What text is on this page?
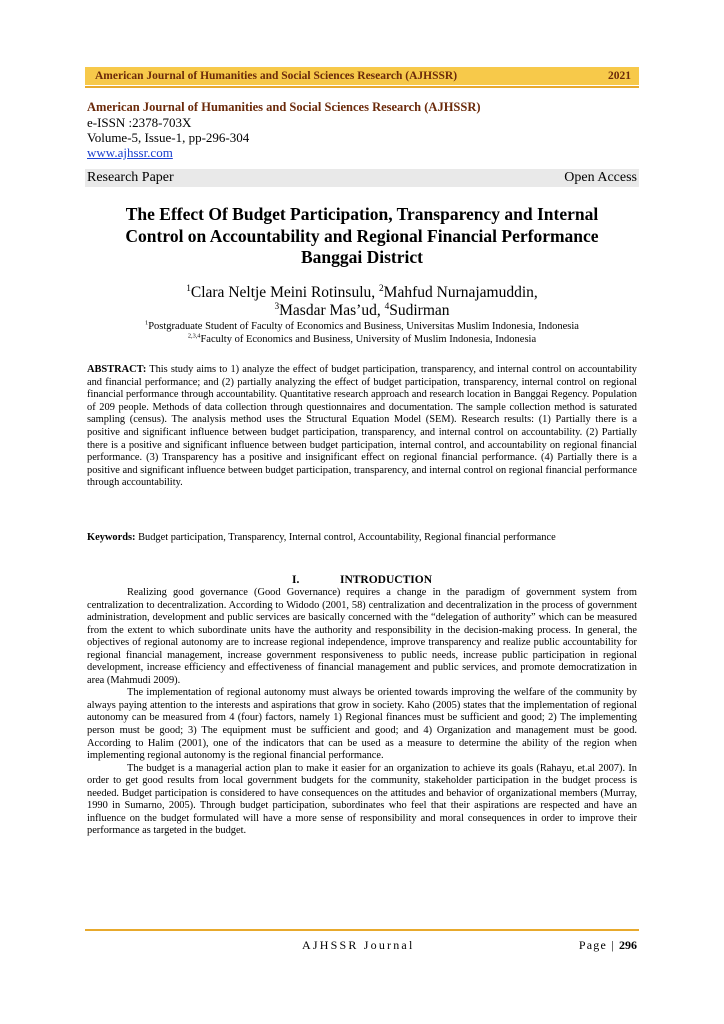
American Journal of Humanities and Social Sciences Research (AJHSSR)	2021
American Journal of Humanities and Social Sciences Research (AJHSSR)
e-ISSN :2378-703X
Volume-5, Issue-1, pp-296-304
www.ajhssr.com
Research Paper	Open Access
The Effect Of Budget Participation, Transparency and Internal
Control on Accountability and Regional Financial Performance
Banggai District
$^1$Clara Neltje Meini Rotinsulu, $^2$Mahfud Nurnajamuddin,
$^3$Masdar Mas’ud, $^4$Sudirman
$^1$Postgraduate Student of Faculty of Economics and Business, Universitas Muslim Indonesia, Indonesia
$^{2,3,4}$Faculty of Economics and Business, University of Muslim Indonesia, Indonesia
ABSTRACT: This study aims to 1) analyze the effect of budget participation, transparency, and internal control on accountability and financial performance; and (2) partially analyzing the effect of budget participation, transparency, internal control on regional financial performance through accountability. Quantitative research approach and research location in Banggai Regency. Population of 209 people. Methods of data collection through questionnaires and documentation. The sample collection method is saturated sampling (census). The analysis method uses the Structural Equation Model (SEM). Research results: (1) Partially there is a positive and significant influence between budget participation, transparency, and internal control on accountability. (2) Partially there is a positive and significant influence between budget participation, internal control, and accountability on regional financial performance. (3) Transparency has a positive and insignificant effect on regional financial performance. (4) Partially there is a positive and significant influence between budget participation, transparency, and internal control on regional financial performance through accountability.
Keywords: Budget participation, Transparency, Internal control, Accountability, Regional financial performance
I.	INTRODUCTION

Realizing good governance (Good Governance) requires a change in the paradigm of government system from centralization to decentralization. According to Widodo (2001, 58) centralization and decentralization in the process of government administration, development and public services are basically concerned with the “delegation of authority” which can be measured from the extent to which subordinate units have the authority and responsibility in the decision-making process. In general, the objectives of regional autonomy are to increase regional independence, improve transparency and realize public accountability for regional financial management, increase government responsiveness to public needs, increase public participation in regional development, increase efficiency and effectiveness of financial management and public services, and promote democratization in area (Mahmudi 2009).

The implementation of regional autonomy must always be oriented towards improving the welfare of the community by always paying attention to the interests and aspirations that grow in society. Kaho (2005) states that the implementation of regional autonomy can be measured from 4 (four) factors, namely 1) Regional finances must be sufficient and good; 2) The implementing person must be good; 3) The equipment must be sufficient and good; and 4) Organization and management must be good. According to Halim (2001), one of the indicators that can be used as a measure to determine the ability of the region when implementing regional autonomy is the regional financial performance.

The budget is a managerial action plan to make it easier for an organization to achieve its goals (Rahayu, et.al 2007). In order to get good results from local government budgets for the community, stakeholder participation in the budget process is needed. Budget participation is considered to have consequences on the attitudes and behavior of organizational members (Murray, 1990 in Sumarno, 2005). Through budget participation, subordinates who feel that their aspirations are respected and have an influence on the budget formulated will have a more sense of responsibility and moral consequences in order to improve their performance as targeted in the budget.

AJHSSR Journal	Page | 296
